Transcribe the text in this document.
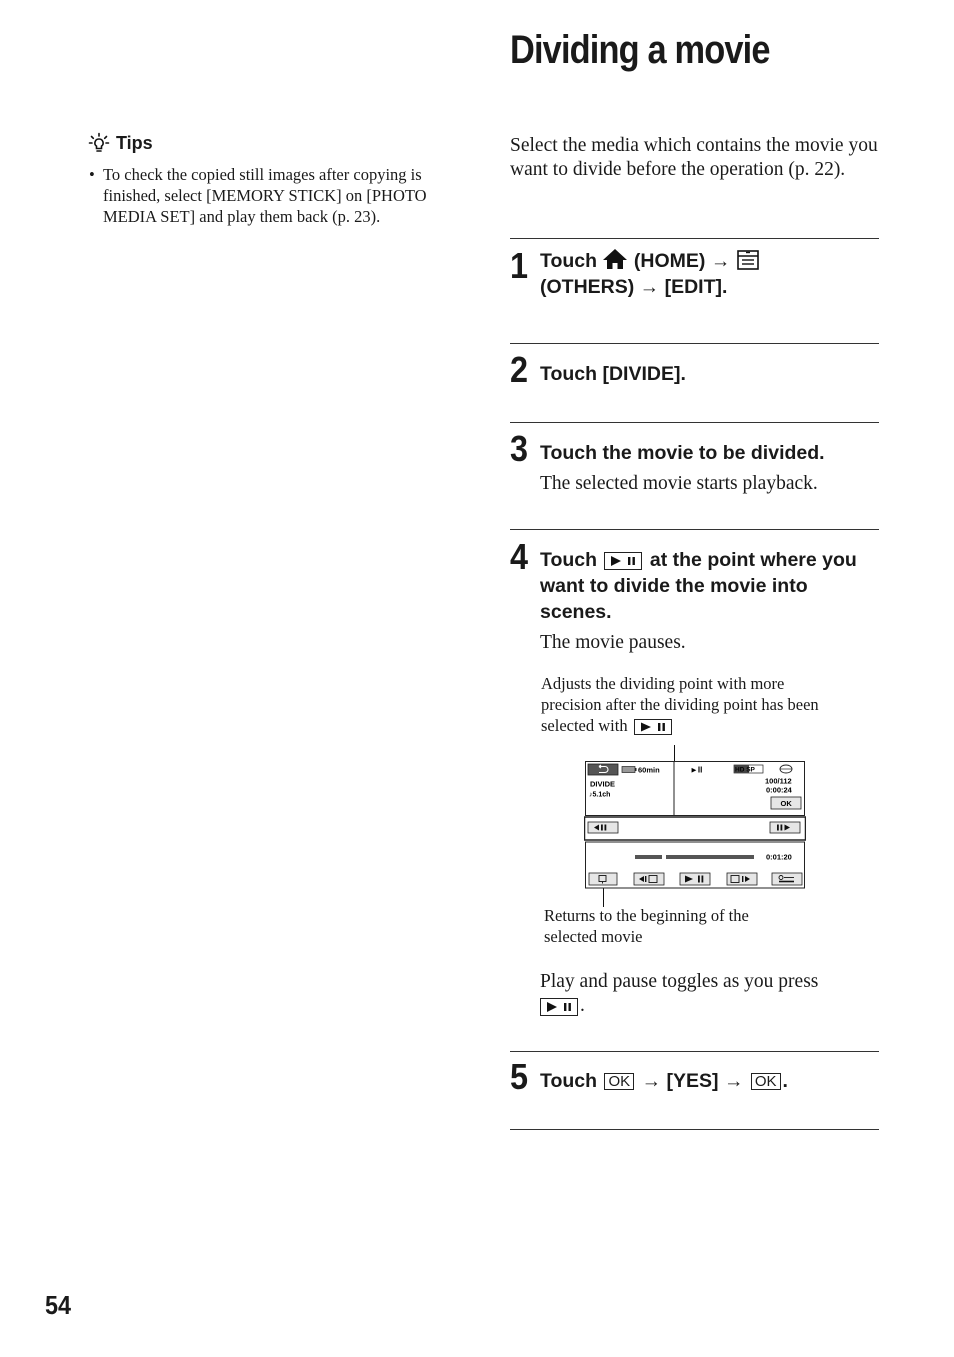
Dividing a movie
Tips
• To check the copied still images after copying is finished, select [MEMORY STICK] on [PHOTO MEDIA SET] and play them back (p. 23).
Select the media which contains the movie you want to divide before the operation (p. 22).
1 Touch (HOME) →
(OTHERS) → [EDIT].
2 Touch [DIVIDE].
3 Touch the movie to be divided.
The selected movie starts playback.
4 Touch	at the point where you want to divide the movie into scenes.
The movie pauses.
Adjusts the dividing point with more precision after the dividing point has been selected with
60min
DIVIDE
♪5.1ch
►II	HD SP
100/112
0:00:24
OK
0:01:20
Returns to the beginning of the selected movie
Play and pause toggles as you press

.
5 Touch OK → [YES] → OK .
54
